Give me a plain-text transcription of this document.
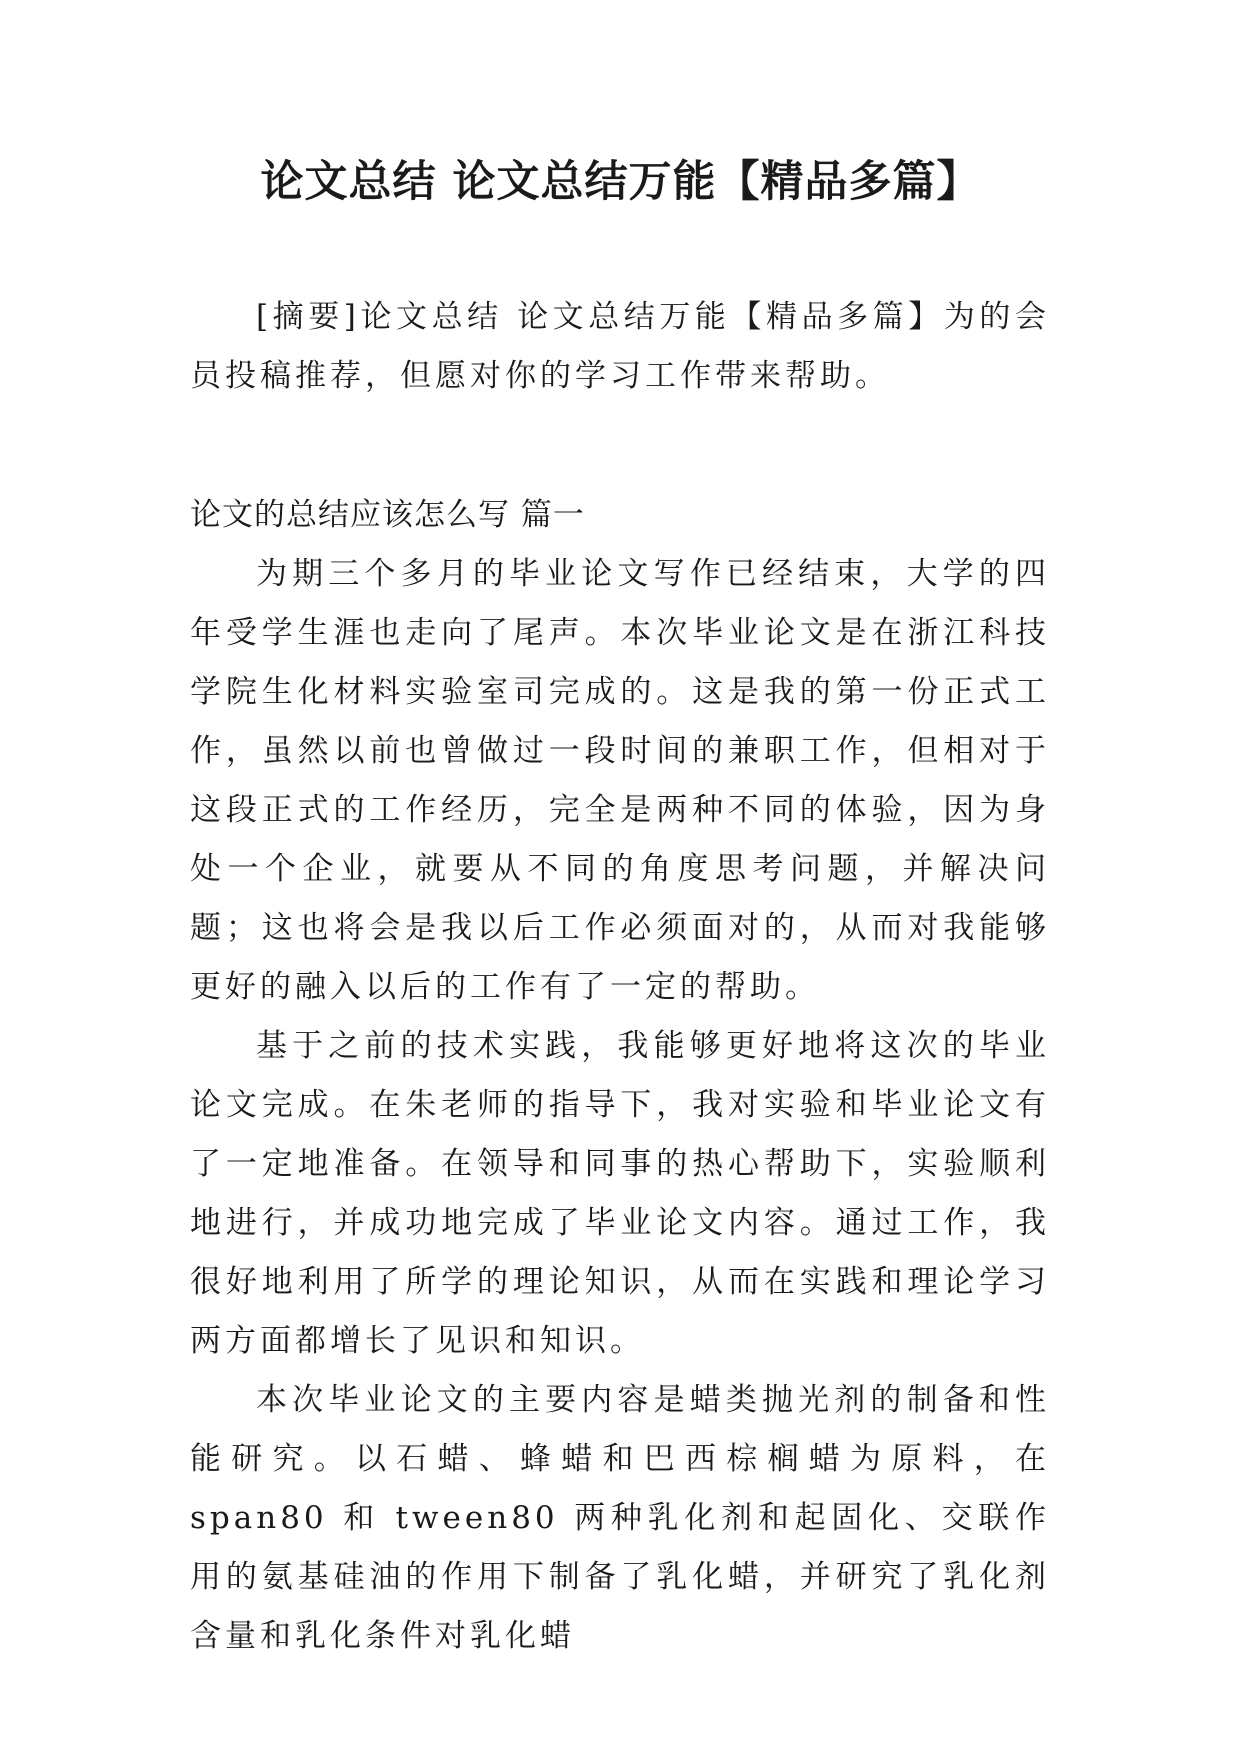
论文总结 论文总结万能【精品多篇】

[摘要]论文总结 论文总结万能【精品多篇】为的会员投稿推荐，但愿对你的学习工作带来帮助。

论文的总结应该怎么写 篇一

为期三个多月的毕业论文写作已经结束，大学的四年受学生涯也走向了尾声。本次毕业论文是在浙江科技学院生化材料实验室司完成的。这是我的第一份正式工作，虽然以前也曾做过一段时间的兼职工作，但相对于这段正式的工作经历，完全是两种不同的体验，因为身处一个企业，就要从不同的角度思考问题，并解决问题；这也将会是我以后工作必须面对的，从而对我能够更好的融入以后的工作有了一定的帮助。

基于之前的技术实践，我能够更好地将这次的毕业论文完成。在朱老师的指导下，我对实验和毕业论文有了一定地准备。在领导和同事的热心帮助下，实验顺利地进行，并成功地完成了毕业论文内容。通过工作，我很好地利用了所学的理论知识，从而在实践和理论学习两方面都增长了见识和知识。

本次毕业论文的主要内容是蜡类抛光剂的制备和性能研究。以石蜡、蜂蜡和巴西棕榈蜡为原料，在 span80 和 tween80 两种乳化剂和起固化、交联作用的氨基硅油的作用下制备了乳化蜡，并研究了乳化剂含量和乳化条件对乳化蜡
